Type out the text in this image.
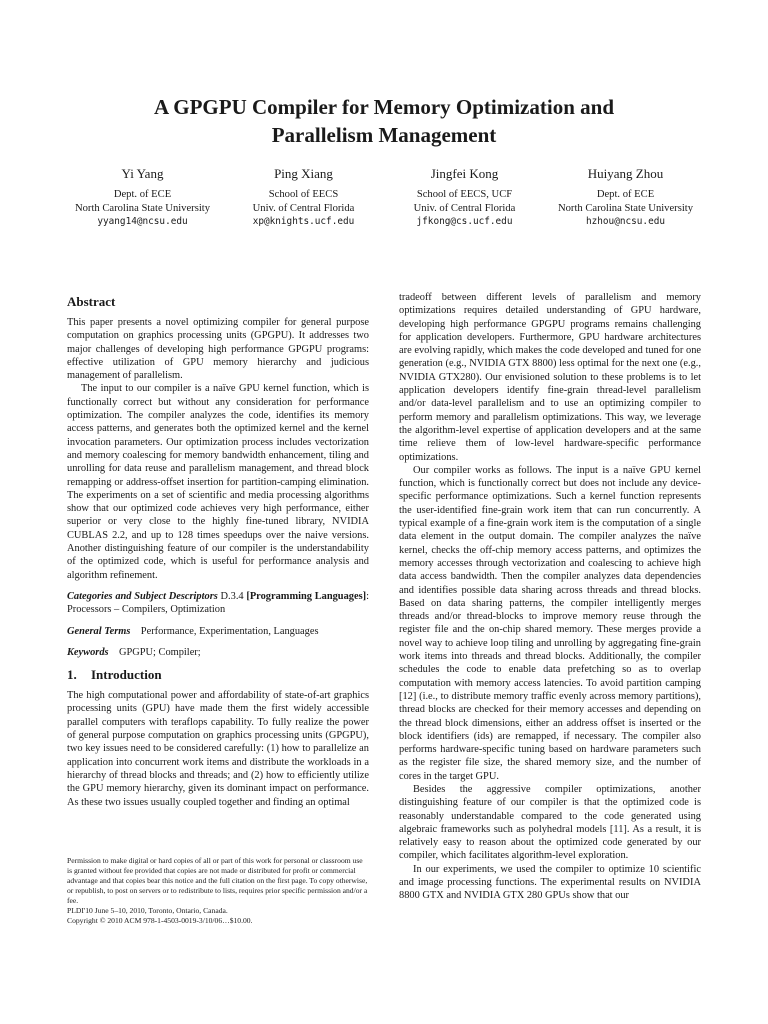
A GPGPU Compiler for Memory Optimization and
Parallelism Management
Yi Yang
Dept. of ECE
North Carolina State University
yyang14@ncsu.edu
Ping Xiang
School of EECS
Univ. of Central Florida
xp@knights.ucf.edu
Jingfei Kong
School of EECS, UCF
Univ. of Central Florida
jfkong@cs.ucf.edu
Huiyang Zhou
Dept. of ECE
North Carolina State University
hzhou@ncsu.edu
Abstract

This paper presents a novel optimizing compiler for general purpose computation on graphics processing units (GPGPU). It addresses two major challenges of developing high performance GPGPU programs: effective utilization of GPU memory hierarchy and judicious management of parallelism.

The input to our compiler is a naïve GPU kernel function, which is functionally correct but without any consideration for performance optimization. The compiler analyzes the code, identifies its memory access patterns, and generates both the optimized kernel and the kernel invocation parameters. Our optimization process includes vectorization and memory coalescing for memory bandwidth enhancement, tiling and unrolling for data reuse and parallelism management, and thread block remapping or address-offset insertion for partition-camping elimination. The experiments on a set of scientific and media processing algorithms show that our optimized code achieves very high performance, either superior or very close to the highly fine-tuned library, NVIDIA CUBLAS 2.2, and up to 128 times speedups over the naive versions. Another distinguishing feature of our compiler is the understandability of the optimized code, which is useful for performance analysis and algorithm refinement.

Categories and Subject Descriptors D.3.4 [Programming Languages]: Processors – Compilers, Optimization

General Terms Performance, Experimentation, Languages

Keywords GPGPU; Compiler;

1. Introduction

The high computational power and affordability of state-of-art graphics processing units (GPU) have made them the first widely accessible parallel computers with teraflops capability. To fully realize the power of general purpose computation on graphics processing units (GPGPU), two key issues need to be considered carefully: (1) how to parallelize an application into concurrent work items and distribute the workloads in a hierarchy of thread blocks and threads; and (2) how to efficiently utilize the GPU memory hierarchy, given its dominant impact on performance. As these two issues usually coupled together and finding an optimal

Permission to make digital or hard copies of all or part of this work for personal or classroom use is granted without fee provided that copies are not made or distributed for profit or commercial advantage and that copies bear this notice and the full citation on the first page. To copy otherwise, or republish, to post on servers or to redistribute to lists, requires prior specific permission and/or a fee.

PLDI'10 June 5–10, 2010, Toronto, Ontario, Canada.

Copyright © 2010 ACM 978-1-4503-0019-3/10/06…$10.00.

tradeoff between different levels of parallelism and memory optimizations requires detailed understanding of GPU hardware, developing high performance GPGPU programs remains challenging for application developers. Furthermore, GPU hardware architectures are evolving rapidly, which makes the code developed and tuned for one generation (e.g., NVIDIA GTX 8800) less optimal for the next one (e.g., NVIDIA GTX280). Our envisioned solution to these problems is to let application developers identify fine-grain thread-level parallelism and/or data-level parallelism and to use an optimizing compiler to perform memory and parallelism optimizations. This way, we leverage the algorithm-level expertise of application developers and at the same time relieve them of low-level hardware-specific performance optimizations.

Our compiler works as follows. The input is a naïve GPU kernel function, which is functionally correct but does not include any device-specific performance optimizations. Such a kernel function represents the user-identified fine-grain work item that can run concurrently. A typical example of a fine-grain work item is the computation of a single data element in the output domain. The compiler analyzes the naïve kernel, checks the off-chip memory access patterns, and optimizes the memory accesses through vectorization and coalescing to achieve high data access bandwidth. Then the compiler analyzes data dependencies and identifies possible data sharing across threads and thread blocks. Based on data sharing patterns, the compiler intelligently merges threads and/or thread-blocks to improve memory reuse through the register file and the on-chip shared memory. These merges provide a novel way to achieve loop tiling and unrolling by aggregating fine-grain work items into threads and thread blocks. Additionally, the compiler schedules the code to enable data prefetching so as to overlap computation with memory access latencies. To avoid partition camping [12] (i.e., to distribute memory traffic evenly across memory partitions), thread blocks are checked for their memory accesses and depending on the thread block dimensions, either an address offset is inserted or the block identifiers (ids) are remapped, if necessary. The compiler also performs hardware-specific tuning based on hardware parameters such as the register file size, the shared memory size, and the number of cores in the target GPU.

Besides the aggressive compiler optimizations, another distinguishing feature of our compiler is that the optimized code is reasonably understandable compared to the code generated using algebraic frameworks such as polyhedral models [11]. As a result, it is relatively easy to reason about the optimized code generated by our compiler, which facilitates algorithm-level exploration.

In our experiments, we used the compiler to optimize 10 scientific and image processing functions. The experimental results on NVIDIA 8800 GTX and NVIDIA GTX 280 GPUs show that our
